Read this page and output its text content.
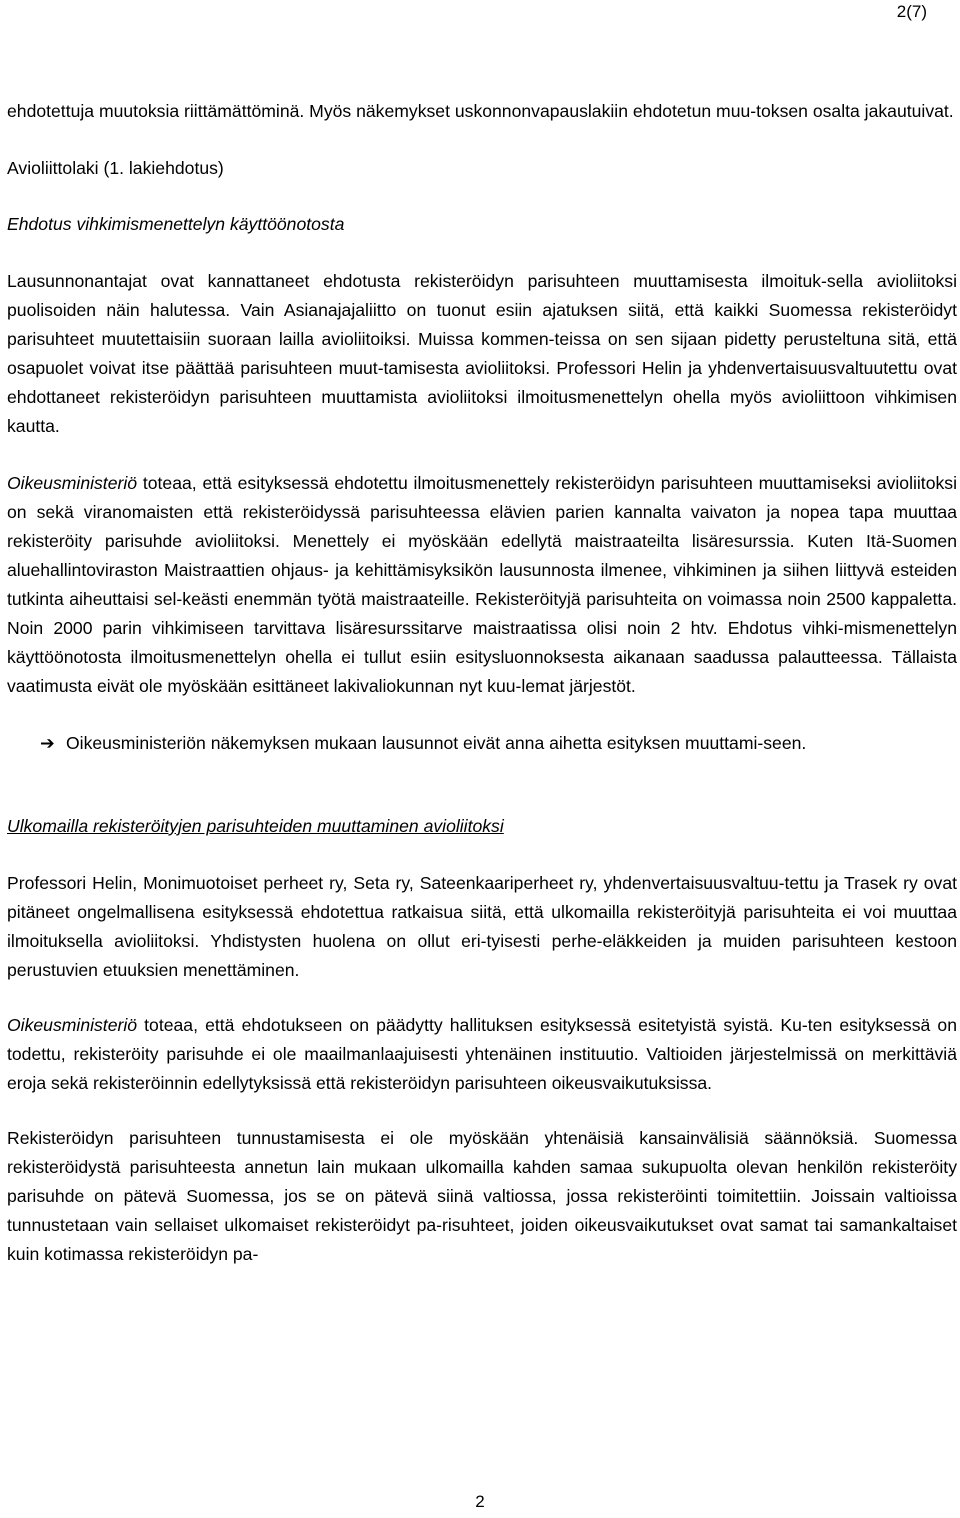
2(7)

ehdotettuja muutoksia riittämättöminä. Myös näkemykset uskonnonvapauslakiin ehdotetun muu-toksen osalta jakautuivat.

Avioliittolaki (1. lakiehdotus)

Ehdotus vihkimismenettelyn käyttöönotosta

Lausunnonantajat ovat kannattaneet ehdotusta rekisteröidyn parisuhteen muuttamisesta ilmoituk-sella avioliitoksi puolisoiden näin halutessa. Vain Asianajajaliitto on tuonut esiin ajatuksen siitä, että kaikki Suomessa rekisteröidyt parisuhteet muutettaisiin suoraan lailla avioliitoiksi. Muissa kommen-teissa on sen sijaan pidetty perusteltuna sitä, että osapuolet voivat itse päättää parisuhteen muut-tamisesta avioliitoksi. Professori Helin ja yhdenvertaisuusvaltuutettu ovat ehdottaneet rekisteröidyn parisuhteen muuttamista avioliitoksi ilmoitusmenettelyn ohella myös avioliittoon vihkimisen kautta.

Oikeusministeriö toteaa, että esityksessä ehdotettu ilmoitusmenettely rekisteröidyn parisuhteen muuttamiseksi avioliitoksi on sekä viranomaisten että rekisteröidyssä parisuhteessa elävien parien kannalta vaivaton ja nopea tapa muuttaa rekisteröity parisuhde avioliitoksi. Menettely ei myöskään edellytä maistraateilta lisäresurssia. Kuten Itä-Suomen aluehallintoviraston Maistraattien ohjaus- ja kehittämisyksikön lausunnosta ilmenee, vihkiminen ja siihen liittyvä esteiden tutkinta aiheuttaisi sel-keästi enemmän työtä maistraateille. Rekisteröityjä parisuhteita on voimassa noin 2500 kappaletta. Noin 2000 parin vihkimiseen tarvittava lisäresurssitarve maistraatissa olisi noin 2 htv. Ehdotus vihki-mismenettelyn käyttöönotosta ilmoitusmenettelyn ohella ei tullut esiin esitysluonnoksesta aikanaan saadussa palautteessa. Tällaista vaatimusta eivät ole myöskään esittäneet lakivaliokunnan nyt kuu-lemat järjestöt.

➔ Oikeusministeriön näkemyksen mukaan lausunnot eivät anna aihetta esityksen muuttami-seen.

Ulkomailla rekisteröityjen parisuhteiden muuttaminen avioliitoksi

Professori Helin, Monimuotoiset perheet ry, Seta ry, Sateenkaariperheet ry, yhdenvertaisuusvaltuu-tettu ja Trasek ry ovat pitäneet ongelmallisena esityksessä ehdotettua ratkaisua siitä, että ulkomailla rekisteröityjä parisuhteita ei voi muuttaa ilmoituksella avioliitoksi. Yhdistysten huolena on ollut eri-tyisesti perhe-eläkkeiden ja muiden parisuhteen kestoon perustuvien etuuksien menettäminen.

Oikeusministeriö toteaa, että ehdotukseen on päädytty hallituksen esityksessä esitetyistä syistä. Ku-ten esityksessä on todettu, rekisteröity parisuhde ei ole maailmanlaajuisesti yhtenäinen instituutio. Valtioiden järjestelmissä on merkittäviä eroja sekä rekisteröinnin edellytyksissä että rekisteröidyn parisuhteen oikeusvaikutuksissa.

Rekisteröidyn parisuhteen tunnustamisesta ei ole myöskään yhtenäisiä kansainvälisiä säännöksiä. Suomessa rekisteröidystä parisuhteesta annetun lain mukaan ulkomailla kahden samaa sukupuolta olevan henkilön rekisteröity parisuhde on pätevä Suomessa, jos se on pätevä siinä valtiossa, jossa rekisteröinti toimitettiin. Joissain valtioissa tunnustetaan vain sellaiset ulkomaiset rekisteröidyt pa-risuhteet, joiden oikeusvaikutukset ovat samat tai samankaltaiset kuin kotimassa rekisteröidyn pa-

2
